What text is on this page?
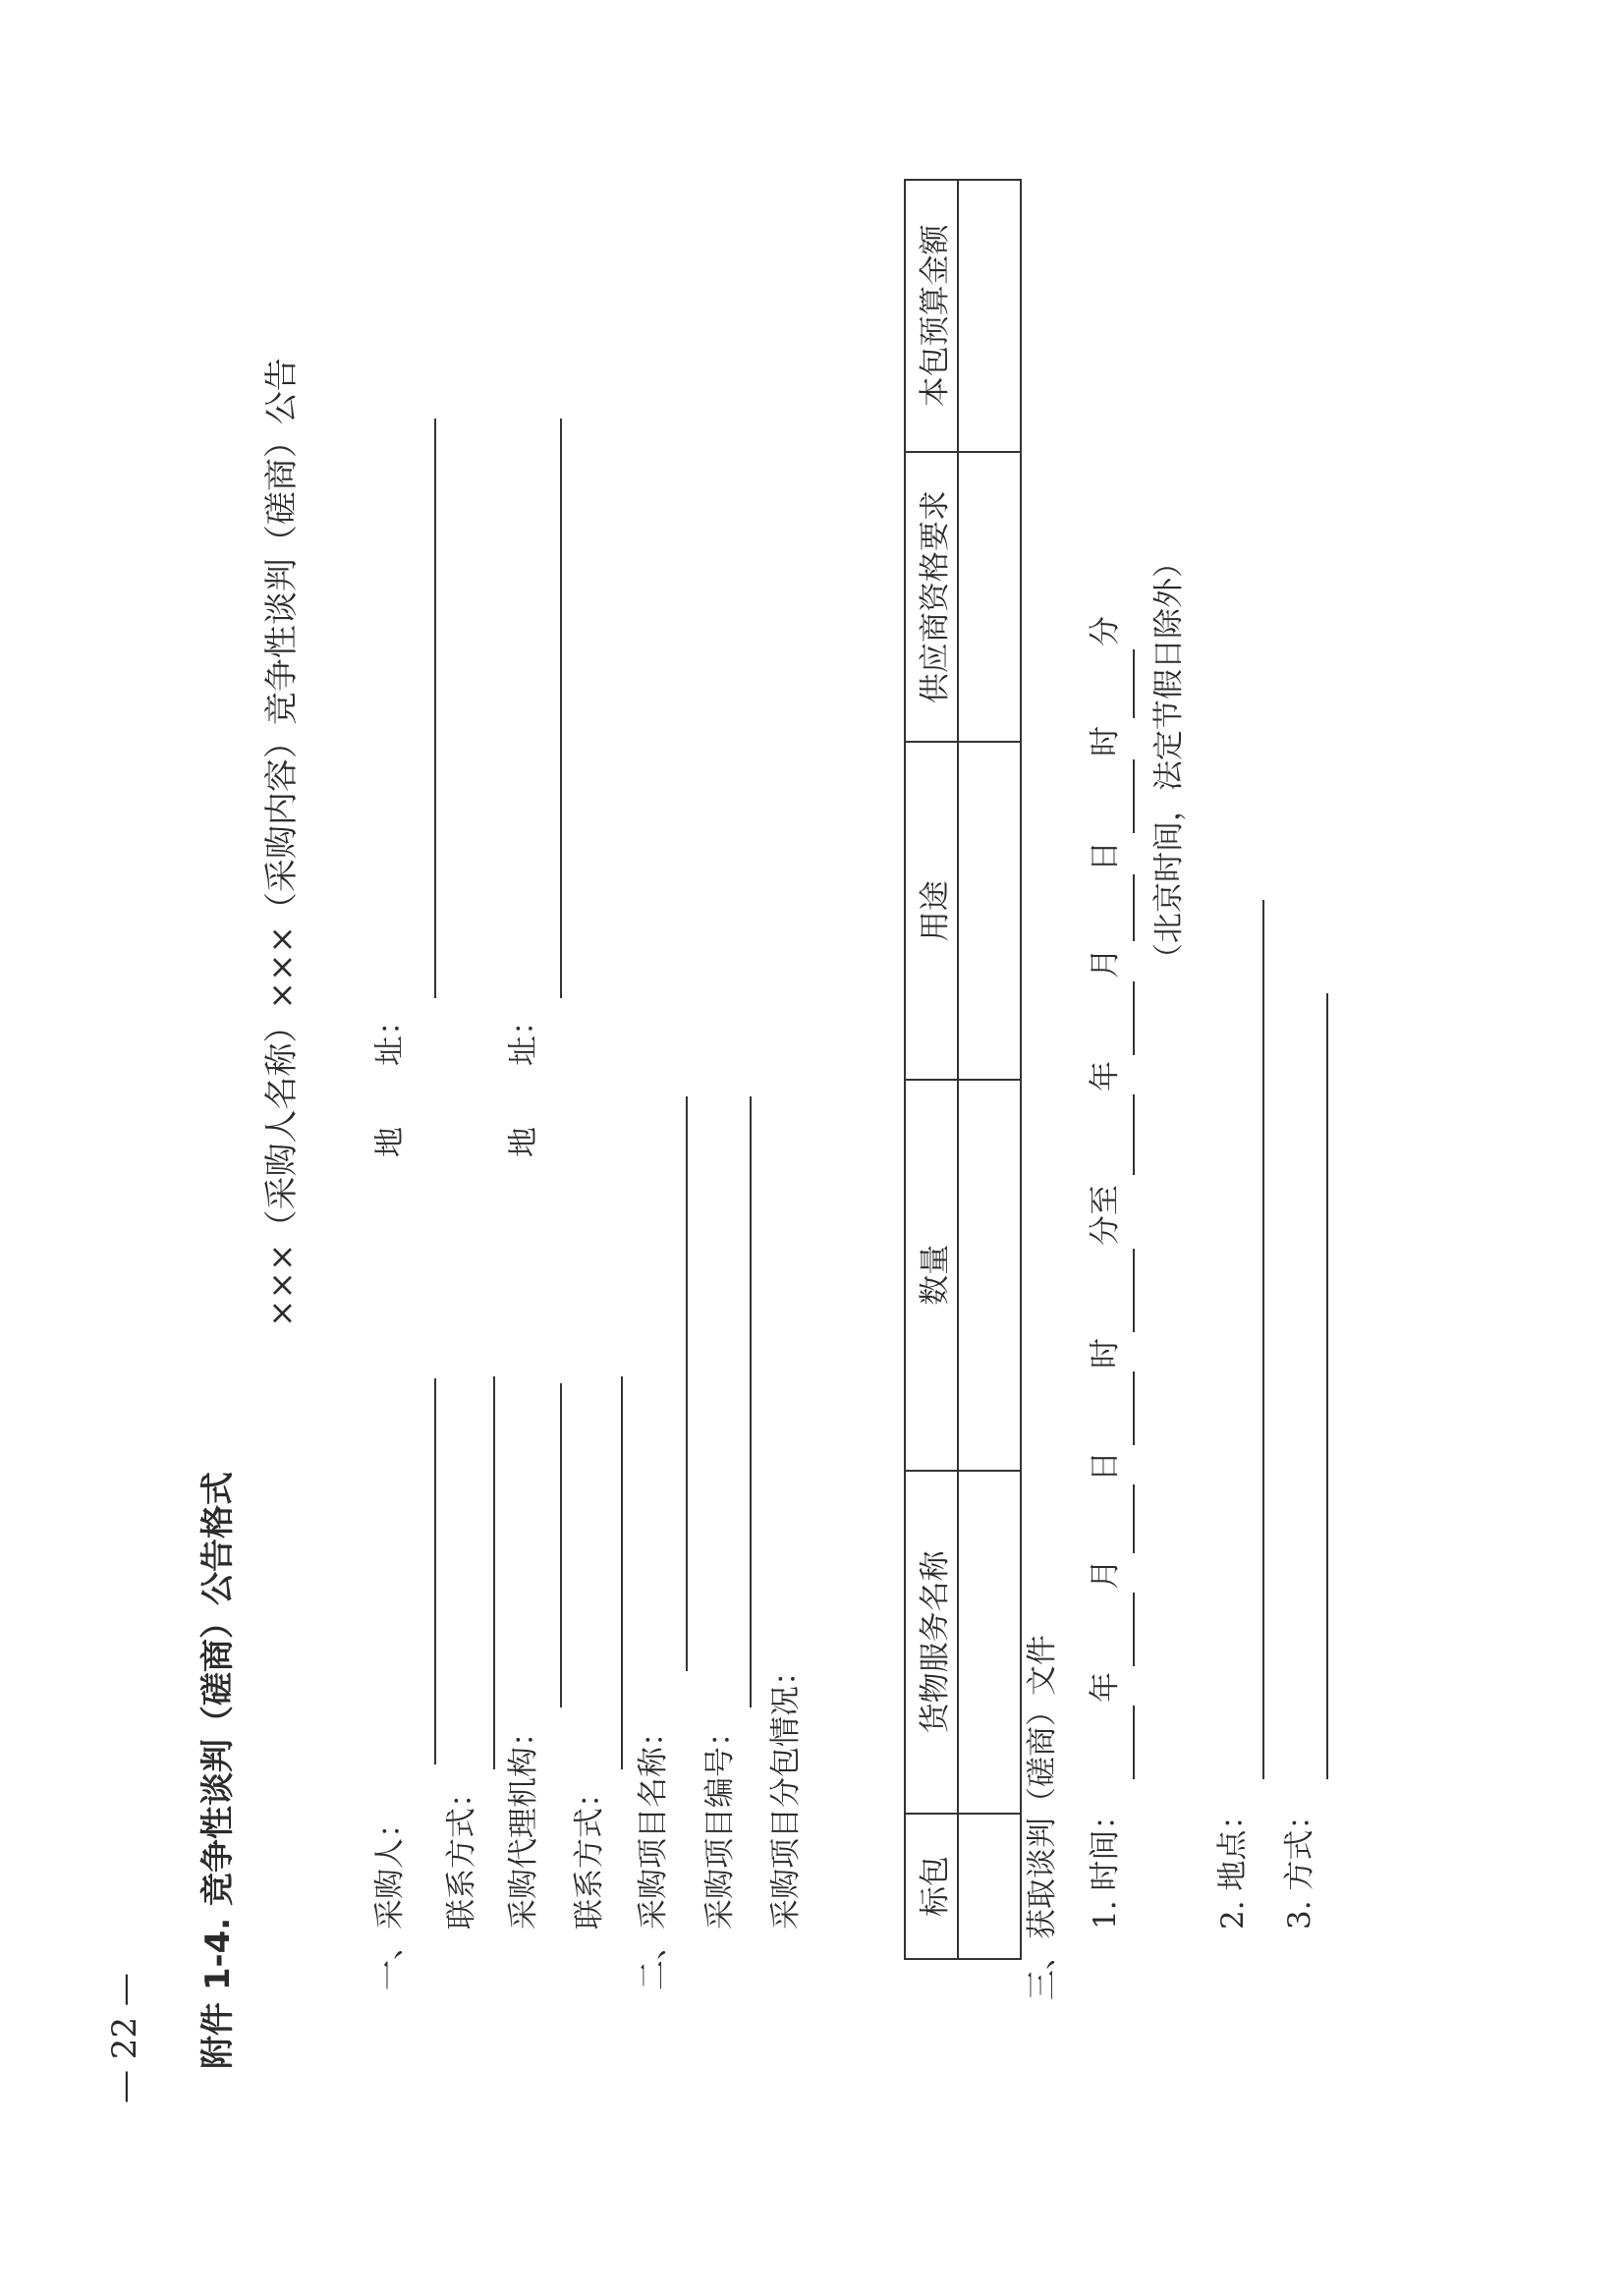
— 22 — 附件 1-4. 竞争性谈判（磋商）公告格式
×××（采购人名称）×××（采购内容）竞争性谈判（磋商）公告
一、采购人：
地　　址：
联系方式： 采购代理机构：
地　　址：
联系方式： 二、采购项目名称： 采购项目编号： 采购项目分包情况：	标包	货物服务名称	数量	用途	供应商资格要求	本包预算金额

三、获取谈判（磋商）文件 1. 时间：
年
月
日
时
分至
年
月
日
时
分 （北京时间，法定节假日除外）
2. 地点： 3. 方式：
